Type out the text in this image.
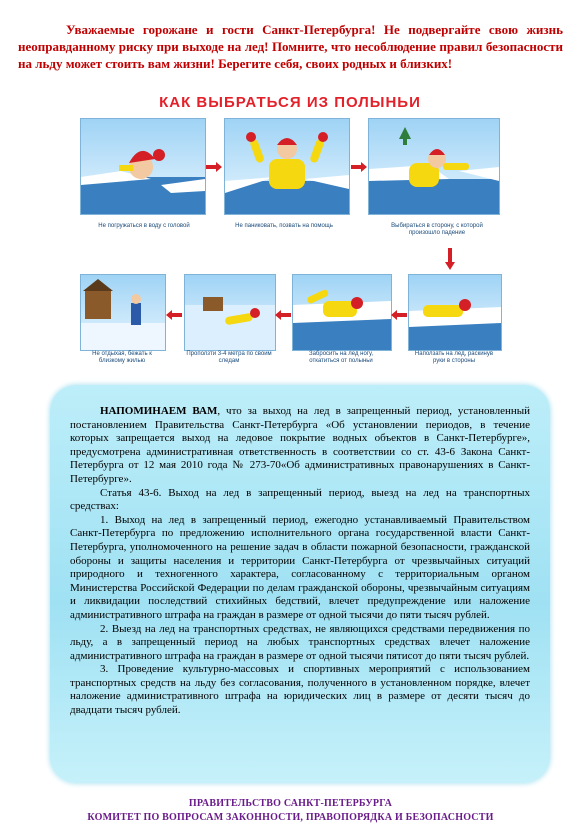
Уважаемые горожане и гости Санкт-Петербурга! Не подвергайте свою жизнь неоправданному риску при выходе на лед! Помните, что несоблюдение правил безопасности на льду может стоить вам жизни! Берегите себя, своих родных и близких!

КАК ВЫБРАТЬСЯ ИЗ ПОЛЫНЬИ
Не погружаться в воду с головой	Не паниковать, позвать на помощь	Выбираться в сторону, с которой произошло падение
Не отдыхая, бежать к близкому жилью
Проползти 3-4 метра по своим следам
Забросить на лед ногу, откатиться от полыньи
Наползать на лед, раскинув руки в стороны

НАПОМИНАЕМ ВАМ, что за выход на лед в запрещенный период, установленный постановлением Правительства Санкт-Петербурга «Об установлении периодов, в течение которых запрещается выход на ледовое покрытие водных объектов в Санкт-Петербурге», предусмотрена административная ответственность в соответствии со ст. 43-6 Закона Санкт-Петербурга от 12 мая 2010 года № 273-70«Об административных правонарушениях в Санкт-Петербурге».

Статья 43-6. Выход на лед в запрещенный период, выезд на лед на транспортных средствах:

1. Выход на лед в запрещенный период, ежегодно устанавливаемый Правительством Санкт-Петербурга по предложению исполнительного органа государственной власти Санкт-Петербурга, уполномоченного на решение задач в области пожарной безопасности, гражданской обороны и защиты населения и территории Санкт-Петербурга от чрезвычайных ситуаций природного и техногенного характера, согласованному с территориальным органом Министерства Российской Федерации по делам гражданской обороны, чрезвычайным ситуациям и ликвидации последствий стихийных бедствий, влечет предупреждение или наложение административного штрафа на граждан в размере от одной тысячи до пяти тысяч рублей.

2. Выезд на лед на транспортных средствах, не являющихся средствами передвижения по льду, а в запрещенный период на любых транспортных средствах влечет наложение административного штрафа на граждан в размере от одной тысячи пятисот до пяти тысяч рублей.

3. Проведение культурно-массовых и спортивных мероприятий с использованием транспортных средств на льду без согласования, полученного в установленном порядке, влечет наложение административного штрафа на юридических лиц в размере от десяти тысяч до двадцати тысяч рублей.

ПРАВИТЕЛЬСТВО САНКТ-ПЕТЕРБУРГА
КОМИТЕТ ПО ВОПРОСАМ ЗАКОННОСТИ, ПРАВОПОРЯДКА И БЕЗОПАСНОСТИ
